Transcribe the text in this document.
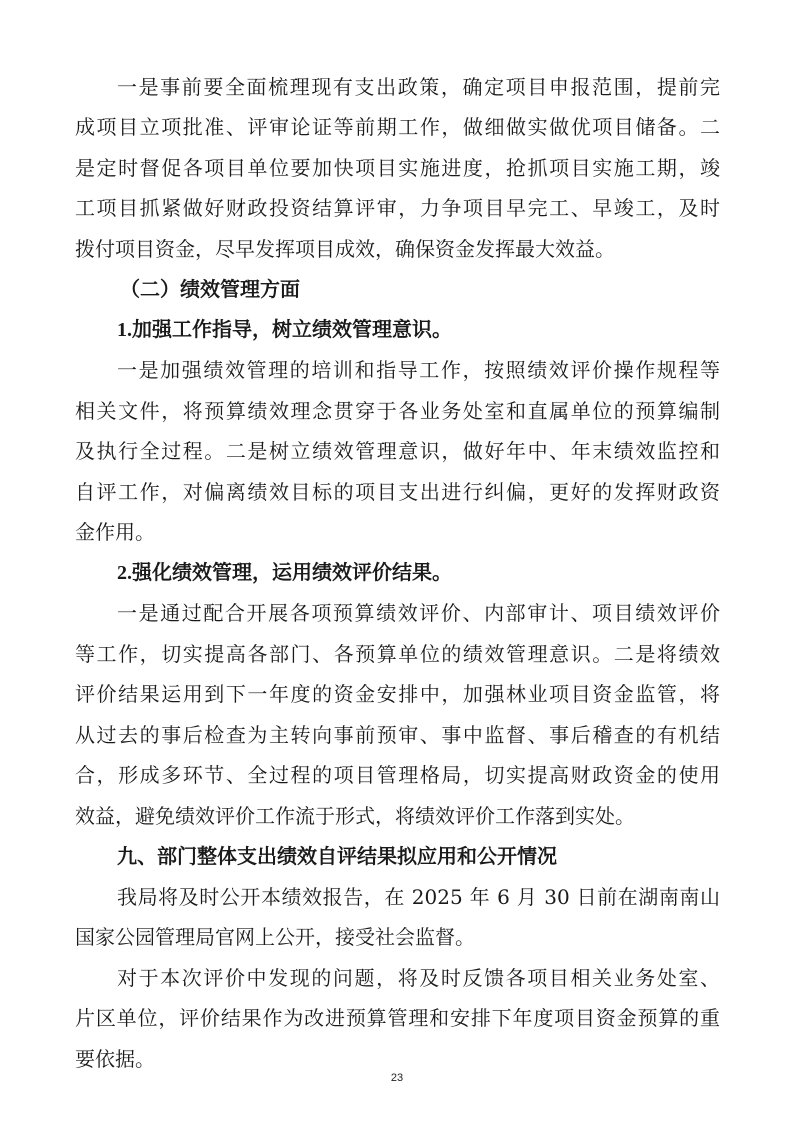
一是事前要全面梳理现有支出政策，确定项目申报范围，提前完
成项目立项批准、评审论证等前期工作，做细做实做优项目储备。二
是定时督促各项目单位要加快项目实施进度，抢抓项目实施工期，竣
工项目抓紧做好财政投资结算评审，力争项目早完工、早竣工，及时
拨付项目资金，尽早发挥项目成效，确保资金发挥最大效益。
（二）绩效管理方面
1.加强工作指导，树立绩效管理意识。
一是加强绩效管理的培训和指导工作，按照绩效评价操作规程等
相关文件，将预算绩效理念贯穿于各业务处室和直属单位的预算编制
及执行全过程。二是树立绩效管理意识，做好年中、年末绩效监控和
自评工作，对偏离绩效目标的项目支出进行纠偏，更好的发挥财政资
金作用。
2.强化绩效管理，运用绩效评价结果。
一是通过配合开展各项预算绩效评价、内部审计、项目绩效评价
等工作，切实提高各部门、各预算单位的绩效管理意识。二是将绩效
评价结果运用到下一年度的资金安排中，加强林业项目资金监管，将
从过去的事后检查为主转向事前预审、事中监督、事后稽查的有机结
合，形成多环节、全过程的项目管理格局，切实提高财政资金的使用
效益，避免绩效评价工作流于形式，将绩效评价工作落到实处。
九、部门整体支出绩效自评结果拟应用和公开情况
我局将及时公开本绩效报告，在 2025 年 6 月 30 日前在湖南南山
国家公园管理局官网上公开，接受社会监督。
对于本次评价中发现的问题，将及时反馈各项目相关业务处室、
片区单位，评价结果作为改进预算管理和安排下年度项目资金预算的重
要依据。
23
